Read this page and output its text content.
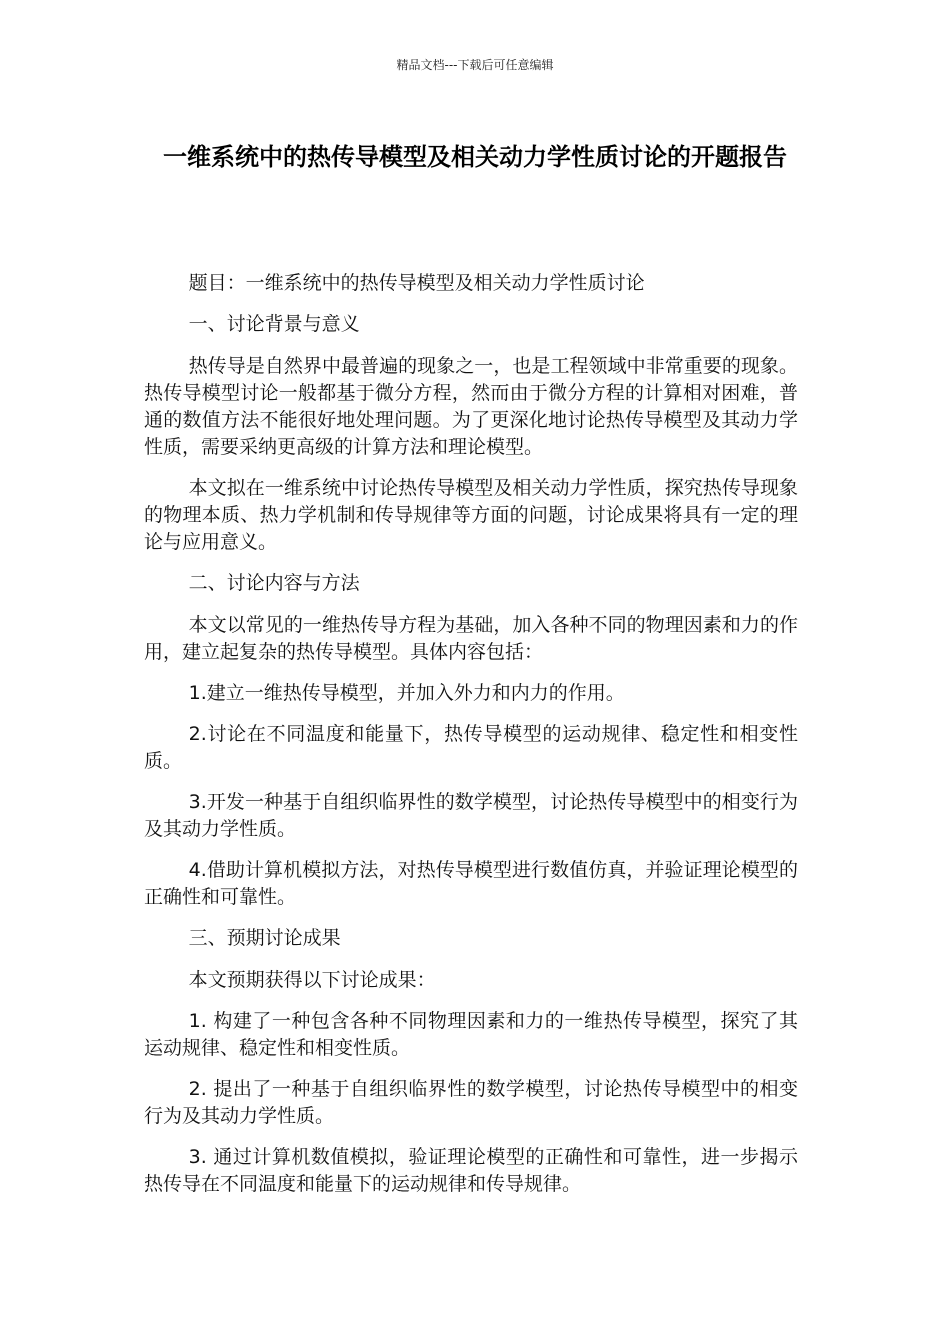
精品文档---下载后可任意编辑
一维系统中的热传导模型及相关动力学性质讨论的开题报告

题目：一维系统中的热传导模型及相关动力学性质讨论

一、讨论背景与意义

热传导是自然界中最普遍的现象之一，也是工程领域中非常重要的现象。热传导模型讨论一般都基于微分方程，然而由于微分方程的计算相对困难，普通的数值方法不能很好地处理问题。为了更深化地讨论热传导模型及其动力学性质，需要采纳更高级的计算方法和理论模型。

本文拟在一维系统中讨论热传导模型及相关动力学性质，探究热传导现象的物理本质、热力学机制和传导规律等方面的问题，讨论成果将具有一定的理论与应用意义。

二、讨论内容与方法

本文以常见的一维热传导方程为基础，加入各种不同的物理因素和力的作用，建立起复杂的热传导模型。具体内容包括：

1.建立一维热传导模型，并加入外力和内力的作用。

2.讨论在不同温度和能量下，热传导模型的运动规律、稳定性和相变性质。

3.开发一种基于自组织临界性的数学模型，讨论热传导模型中的相变行为及其动力学性质。

4.借助计算机模拟方法，对热传导模型进行数值仿真，并验证理论模型的正确性和可靠性。

三、预期讨论成果

本文预期获得以下讨论成果：

1. 构建了一种包含各种不同物理因素和力的一维热传导模型，探究了其运动规律、稳定性和相变性质。

2. 提出了一种基于自组织临界性的数学模型，讨论热传导模型中的相变行为及其动力学性质。

3. 通过计算机数值模拟，验证理论模型的正确性和可靠性，进一步揭示热传导在不同温度和能量下的运动规律和传导规律。
